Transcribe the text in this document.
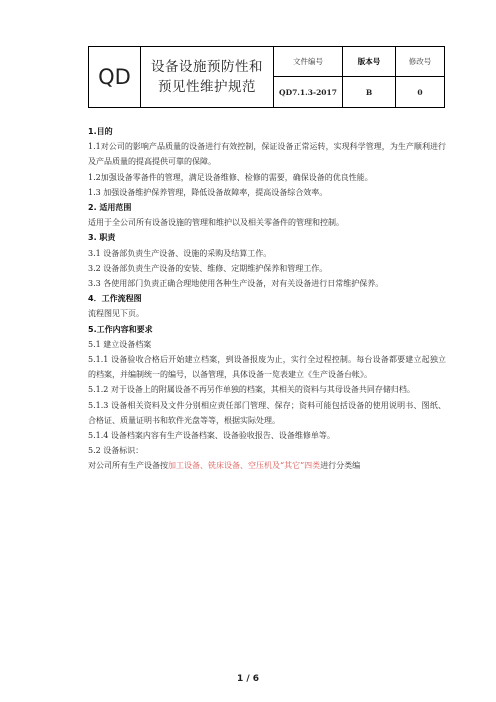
QD	设备设施预防性和
预见性维护规范
文件编号	版本号	修改号
QD7.1.3-2017	B	0

1.目的

1.1对公司的影响产品质量的设备进行有效控制，保证设备正常运转，实现科学管理，为生产顺利进行及产品质量的提高提供可靠的保障。

1.2加强设备零备件的管理，满足设备维修、检修的需要，确保设备的优良性能。

1.3 加强设备维护保养管理，降低设备故障率，提高设备综合效率。

2. 适用范围

适用于全公司所有设备设施的管理和维护以及相关零备件的管理和控制。

3. 职责

3.1 设备部负责生产设备、设施的采购及结算工作。

3.2 设备部负责生产设备的安装、维修、定期维护保养和管理工作。

3.3 各使用部门负责正确合理地使用各种生产设备，对有关设备进行日常维护保养。

4．工作流程图

流程图见下页。

5.工作内容和要求

5.1 建立设备档案

5.1.1 设备验收合格后开始建立档案，到设备报废为止，实行全过程控制。每台设备都要建立起独立的档案，并编制统一的编号，以备管理，具体设备一览表建立《生产设备台帐》。

5.1.2 对于设备上的附属设备不再另作单独的档案，其相关的资料与其母设备共同存储归档。

5.1.3 设备相关资料及文件分别相应责任部门管理、保存；资料可能包括设备的使用说明书、图纸、合格证、质量证明书和软件光盘等等，根据实际处理。

5.1.4 设备档案内容有生产设备档案、设备验收报告、设备维修单等。

5.2 设备标识：

对公司所有生产设备按加工设备、铣床设备、空压机及“其它”四类进行分类编

1 / 6
